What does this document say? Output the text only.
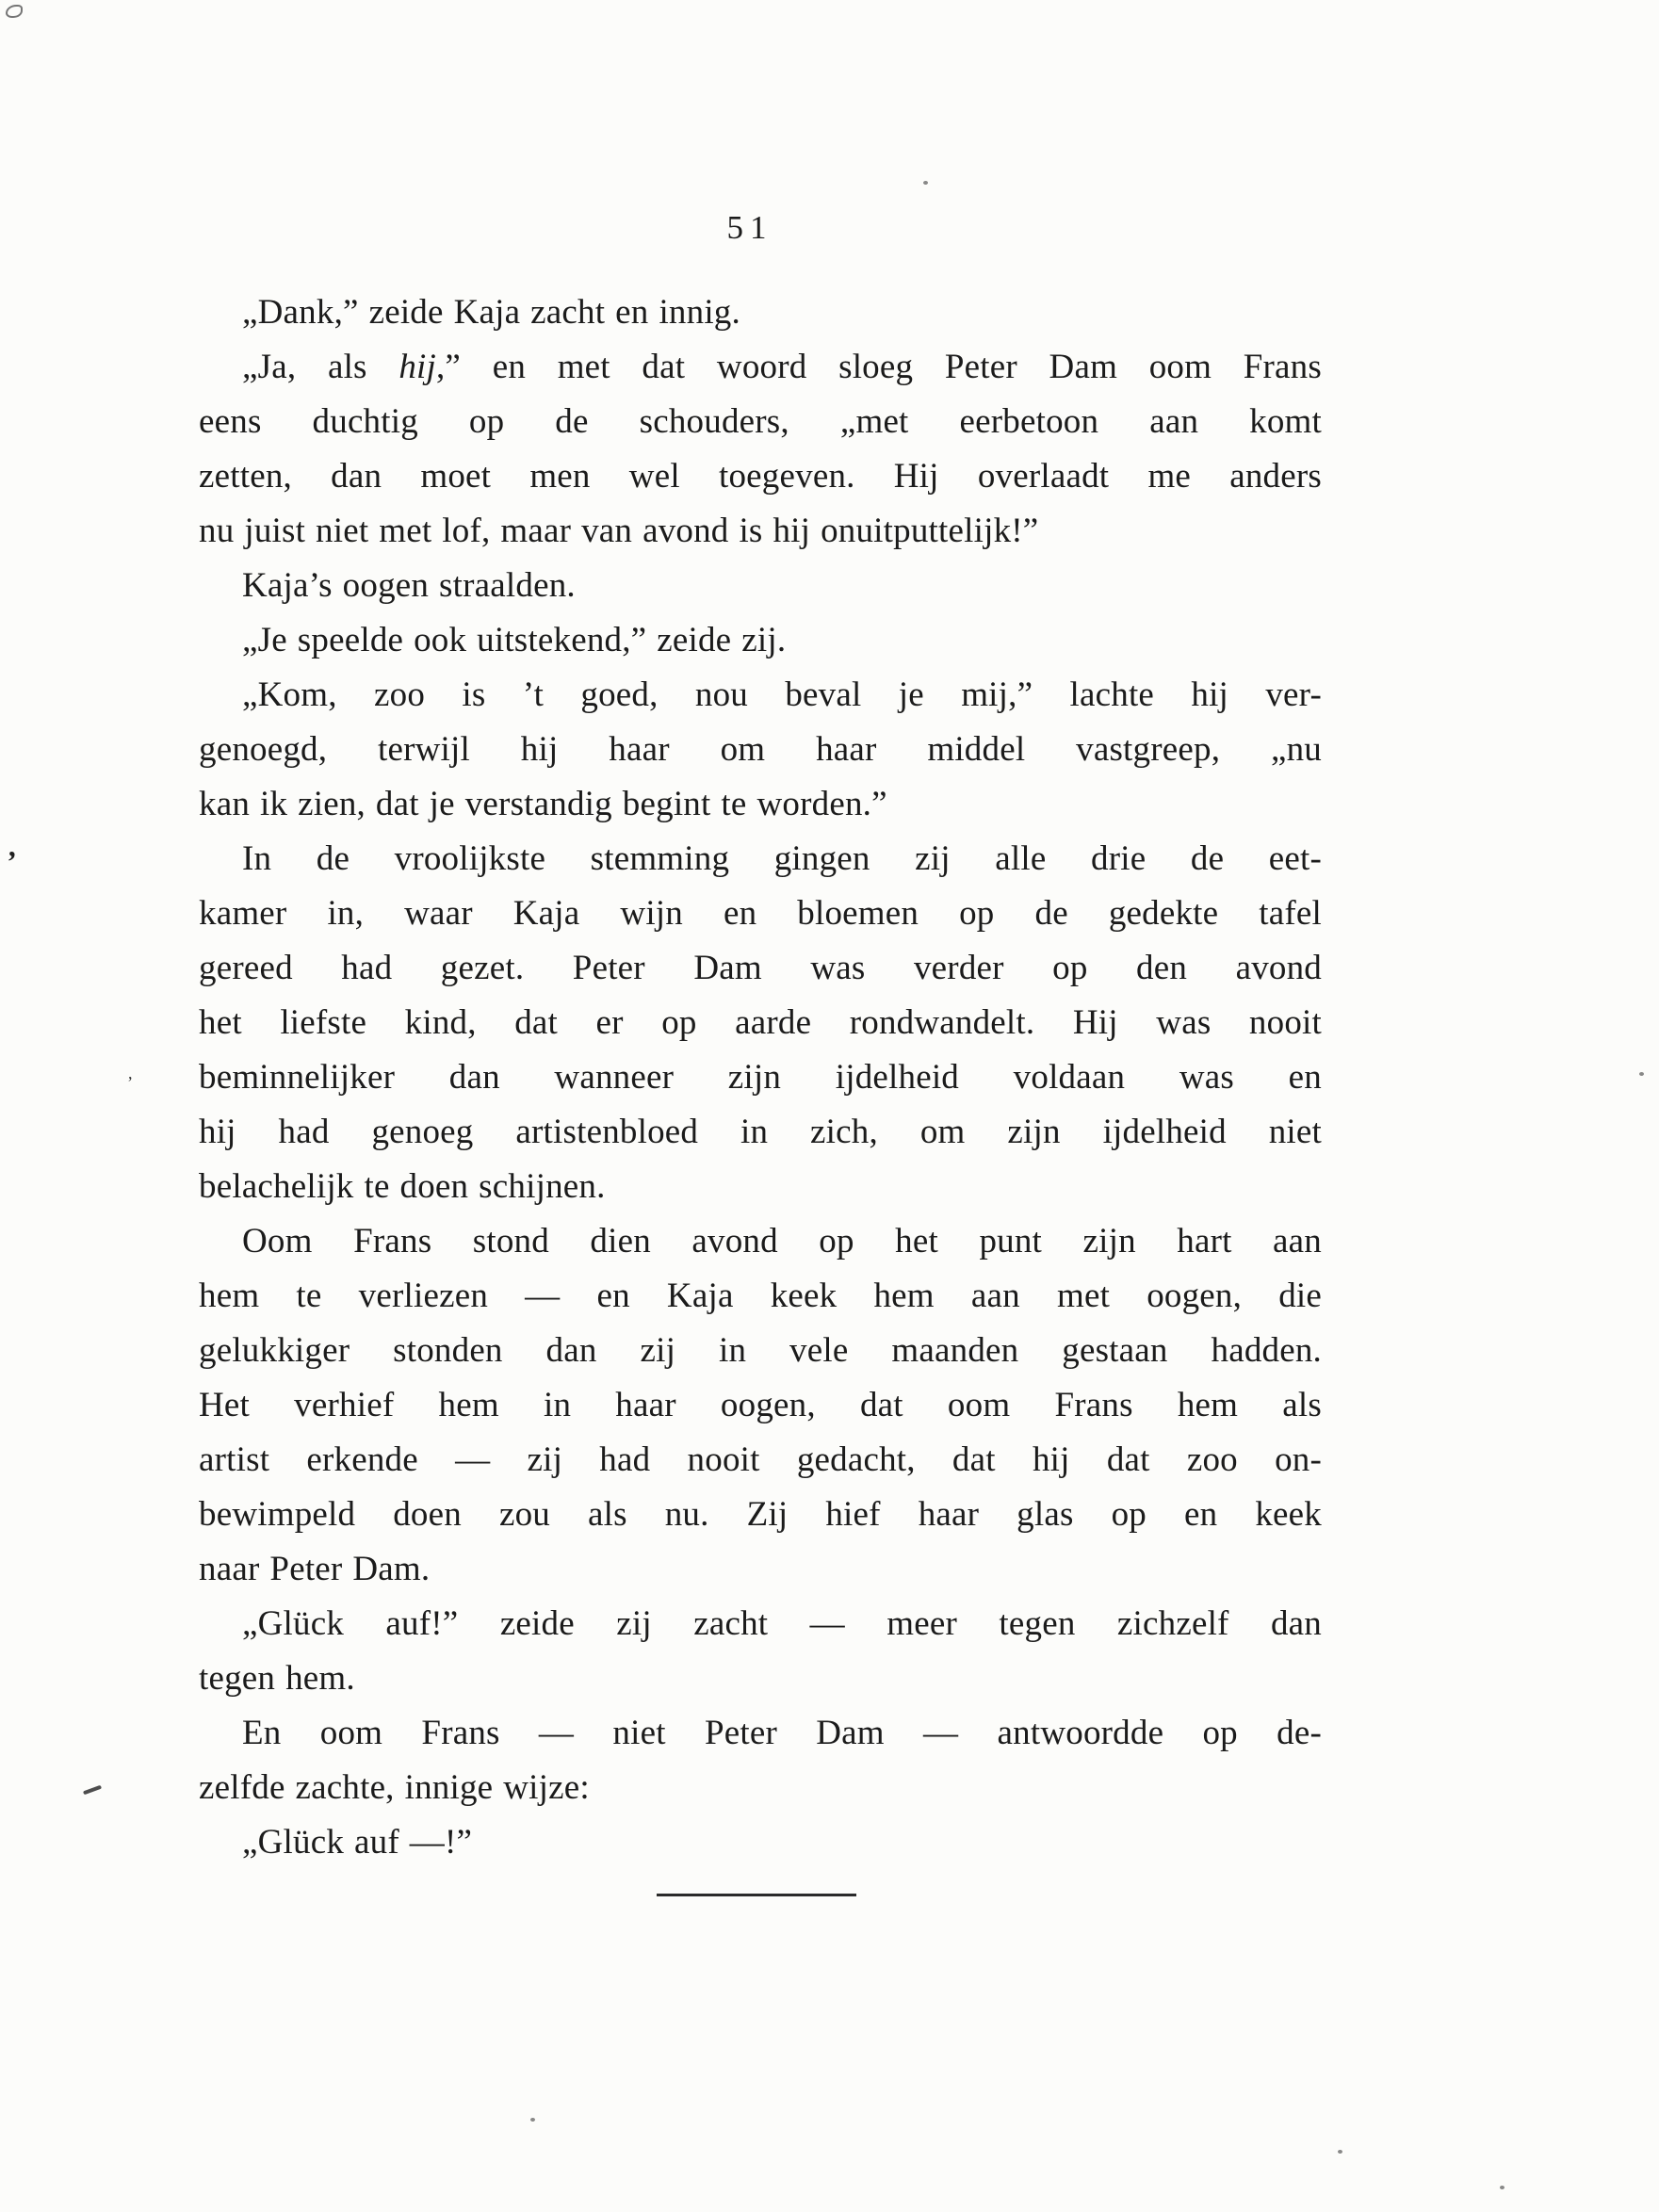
51
„Dank,” zeide Kaja zacht en innig.
„Ja, als hij,” en met dat woord sloeg Peter Dam oom Frans
eens duchtig op de schouders, „met eerbetoon aan komt
zetten, dan moet men wel toegeven. Hij overlaadt me anders
nu juist niet met lof, maar van avond is hij onuitputtelijk!”
Kaja’s oogen straalden.
„Je speelde ook uitstekend,” zeide zij.
„Kom, zoo is ’t goed, nou beval je mij,” lachte hij ver-
genoegd, terwijl hij haar om haar middel vastgreep, „nu
kan ik zien, dat je verstandig begint te worden.”
In de vroolijkste stemming gingen zij alle drie de eet-
kamer in, waar Kaja wijn en bloemen op de gedekte tafel
gereed had gezet. Peter Dam was verder op den avond
het liefste kind, dat er op aarde rondwandelt. Hij was nooit
beminnelijker dan wanneer zijn ijdelheid voldaan was en
hij had genoeg artistenbloed in zich, om zijn ijdelheid niet
belachelijk te doen schijnen.
Oom Frans stond dien avond op het punt zijn hart aan
hem te verliezen — en Kaja keek hem aan met oogen, die
gelukkiger stonden dan zij in vele maanden gestaan hadden.
Het verhief hem in haar oogen, dat oom Frans hem als
artist erkende — zij had nooit gedacht, dat hij dat zoo on-
bewimpeld doen zou als nu. Zij hief haar glas op en keek
naar Peter Dam.
„Glück auf!” zeide zij zacht — meer tegen zichzelf dan
tegen hem.
En oom Frans — niet Peter Dam — antwoordde op de-
zelfde zachte, innige wijze:
„Glück auf —!”
’
,
